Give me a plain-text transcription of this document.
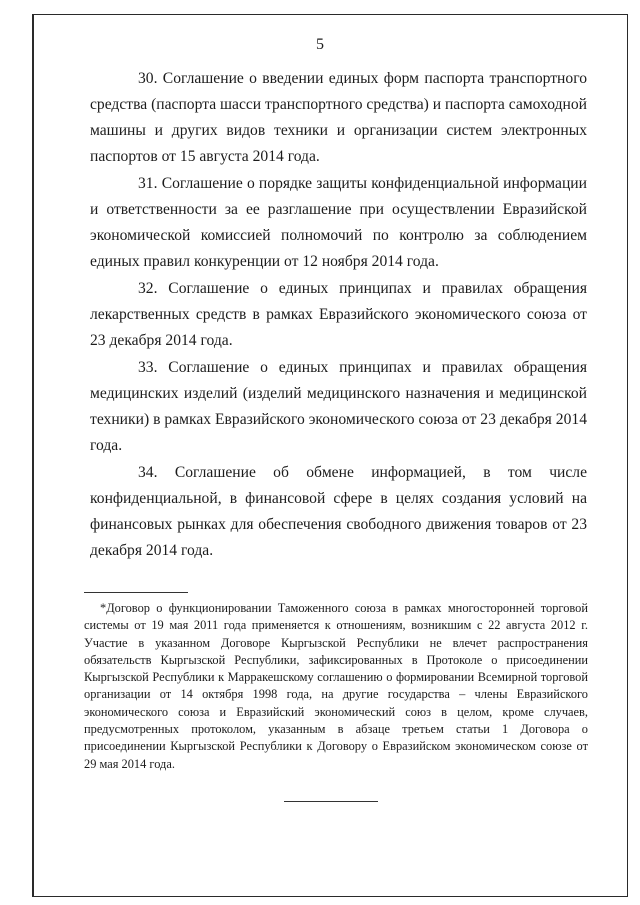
5

30. Соглашение о введении единых форм паспорта транспортного средства (паспорта шасси транспортного средства) и паспорта самоходной машины и других видов техники и организации систем электронных паспортов от 15 августа 2014 года.

31. Соглашение о порядке защиты конфиденциальной информации и ответственности за ее разглашение при осуществлении Евразийской экономической комиссией полномочий по контролю за соблюдением единых правил конкуренции от 12 ноября 2014 года.

32. Соглашение о единых принципах и правилах обращения лекарственных средств в рамках Евразийского экономического союза от 23 декабря 2014 года.

33. Соглашение о единых принципах и правилах обращения медицинских изделий (изделий медицинского назначения и медицинской техники) в рамках Евразийского экономического союза от 23 декабря 2014 года.

34. Соглашение об обмене информацией, в том числе конфиденциальной, в финансовой сфере в целях создания условий на финансовых рынках для обеспечения свободного движения товаров от 23 декабря 2014 года.

*Договор о функционировании Таможенного союза в рамках многосторонней торговой системы от 19 мая 2011 года применяется к отношениям, возникшим с 22 августа 2012 г. Участие в указанном Договоре Кыргызской Республики не влечет распространения обязательств Кыргызской Республики, зафиксированных в Протоколе о присоединении Кыргызской Республики к Марракешскому соглашению о формировании Всемирной торговой организации от 14 октября 1998 года, на другие государства – члены Евразийского экономического союза и Евразийский экономический союз в целом, кроме случаев, предусмотренных протоколом, указанным в абзаце третьем статьи 1 Договора о присоединении Кыргызской Республики к Договору о Евразийском экономическом союзе от 29 мая 2014 года.
